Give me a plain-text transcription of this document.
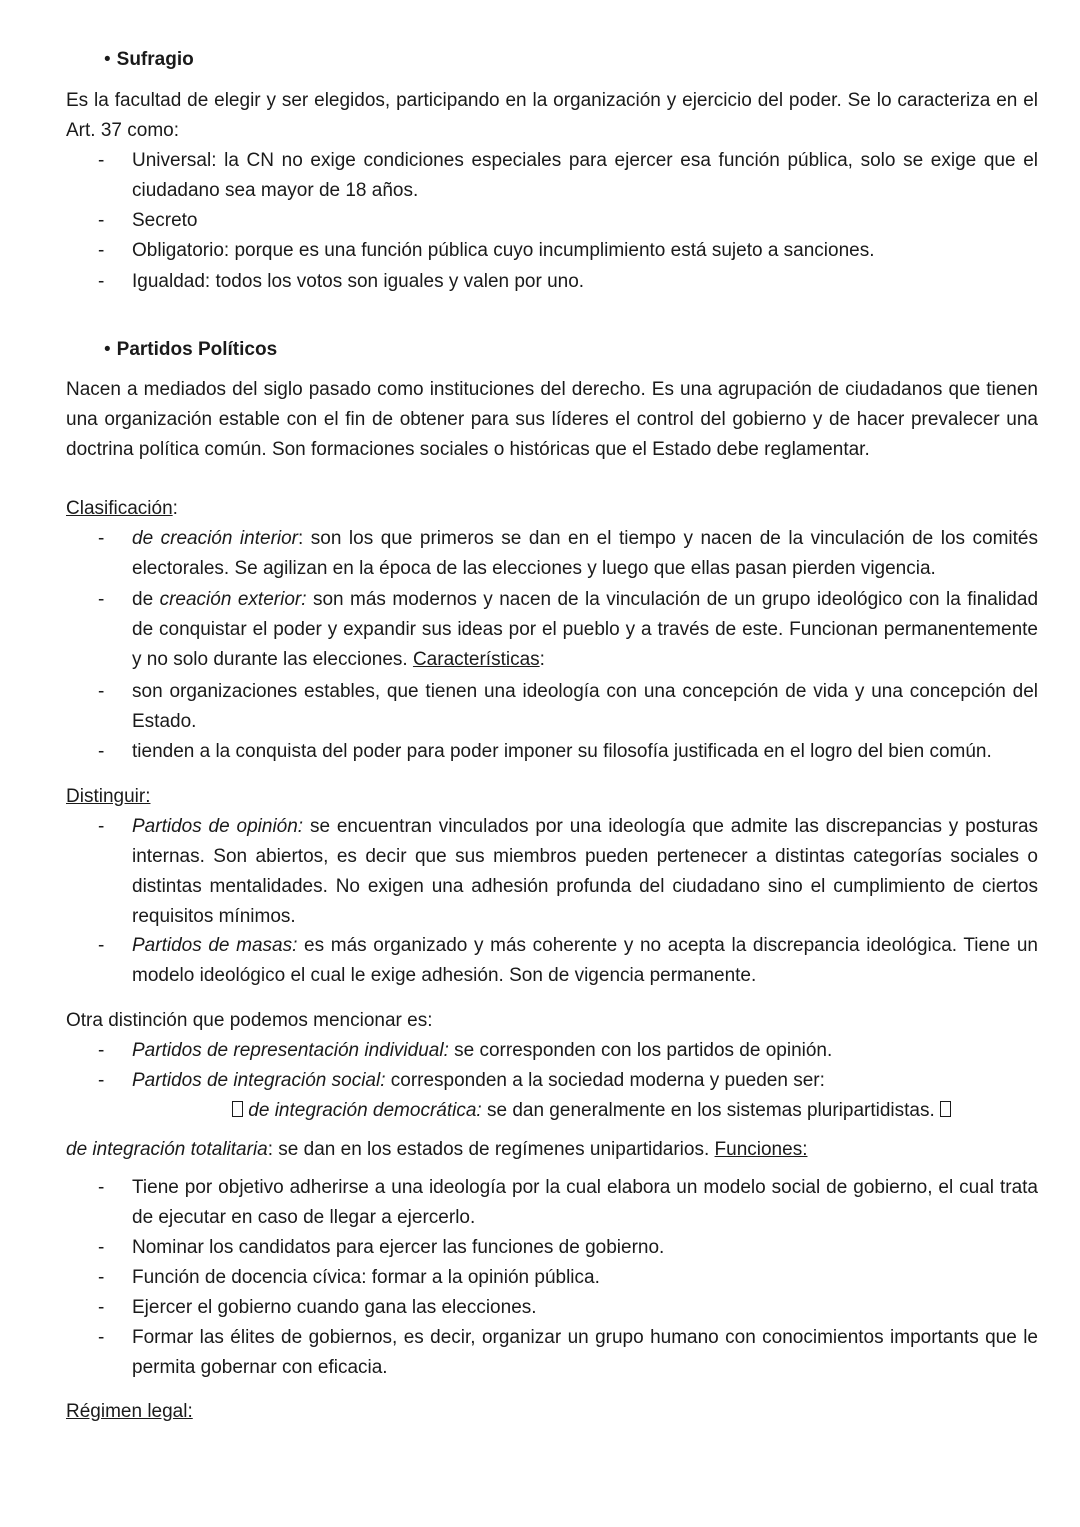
• Sufragio
Es la facultad de elegir y ser elegidos, participando en la organización y ejercicio del poder. Se lo caracteriza en el Art. 37 como:
-	Universal: la CN no exige condiciones especiales para ejercer esa función pública, solo se exige que el ciudadano sea mayor de 18 años.
-	Secreto
-	Obligatorio: porque es una función pública cuyo incumplimiento está sujeto a sanciones.
-	Igualdad: todos los votos son iguales y valen por uno.
• Partidos Políticos
Nacen a mediados del siglo pasado como instituciones del derecho. Es una agrupación de ciudadanos que tienen una organización estable con el fin de obtener para sus líderes el control del gobierno y de hacer prevalecer una doctrina política común. Son formaciones sociales o históricas que el Estado debe reglamentar.
Clasificación:
-	de creación interior: son los que primeros se dan en el tiempo y nacen de la vinculación de los comités electorales. Se agilizan en la época de las elecciones y luego que ellas pasan pierden vigencia.
-	de creación exterior: son más modernos y nacen de la vinculación de un grupo ideológico con la finalidad de conquistar el poder y expandir sus ideas por el pueblo y a través de este. Funcionan permanentemente y no solo durante las elecciones. Características:
-	son organizaciones estables, que tienen una ideología con una concepción de vida y una concepción del Estado.
-	tienden a la conquista del poder para poder imponer su filosofía justificada en el logro del bien común.
Distinguir:
-	Partidos de opinión: se encuentran vinculados por una ideología que admite las discrepancias y posturas internas. Son abiertos, es decir que sus miembros pueden pertenecer a distintas categorías sociales o distintas mentalidades. No exigen una adhesión profunda del ciudadano sino el cumplimiento de ciertos requisitos mínimos.
-	Partidos de masas: es más organizado y más coherente y no acepta la discrepancia ideológica. Tiene un modelo ideológico el cual le exige adhesión. Son de vigencia permanente.
Otra distinción que podemos mencionar es:
-	Partidos de representación individual: se corresponden con los partidos de opinión.
-	Partidos de integración social: corresponden a la sociedad moderna y pueden ser:
de integración democrática: se dan generalmente en los sistemas pluripartidistas.
de integración totalitaria: se dan en los estados de regímenes unipartidarios. Funciones:
-	Tiene por objetivo adherirse a una ideología por la cual elabora un modelo social de gobierno, el cual trata de ejecutar en caso de llegar a ejercerlo.
-	Nominar los candidatos para ejercer las funciones de gobierno.
-	Función de docencia cívica: formar a la opinión pública.
-	Ejercer el gobierno cuando gana las elecciones.
-	Formar las élites de gobiernos, es decir, organizar un grupo humano con conocimientos importants que le permita gobernar con eficacia.
Régimen legal:
